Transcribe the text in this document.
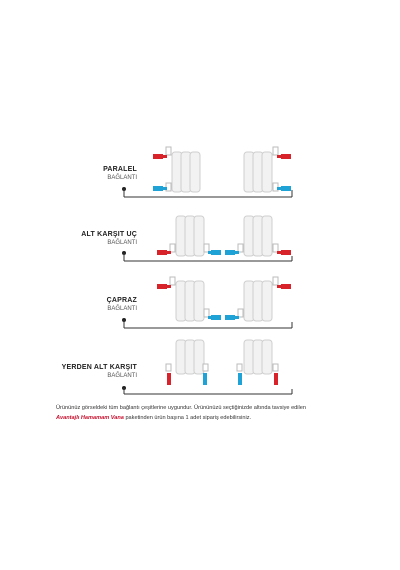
PARALEL
BAĞLANTI
ALT KARŞIT UÇ
BAĞLANTI
ÇAPRAZ
BAĞLANTI
YERDEN ALT KARŞIT
BAĞLANTI
Ürününüz görseldeki tüm bağlantı çeşitlerine uygundur. Ürününüzü seçtiğinizde altında tavsiye edilen
Avantajlı Hamamam Vana paketinden ürün başına 1 adet sipariş edebilirsiniz.
